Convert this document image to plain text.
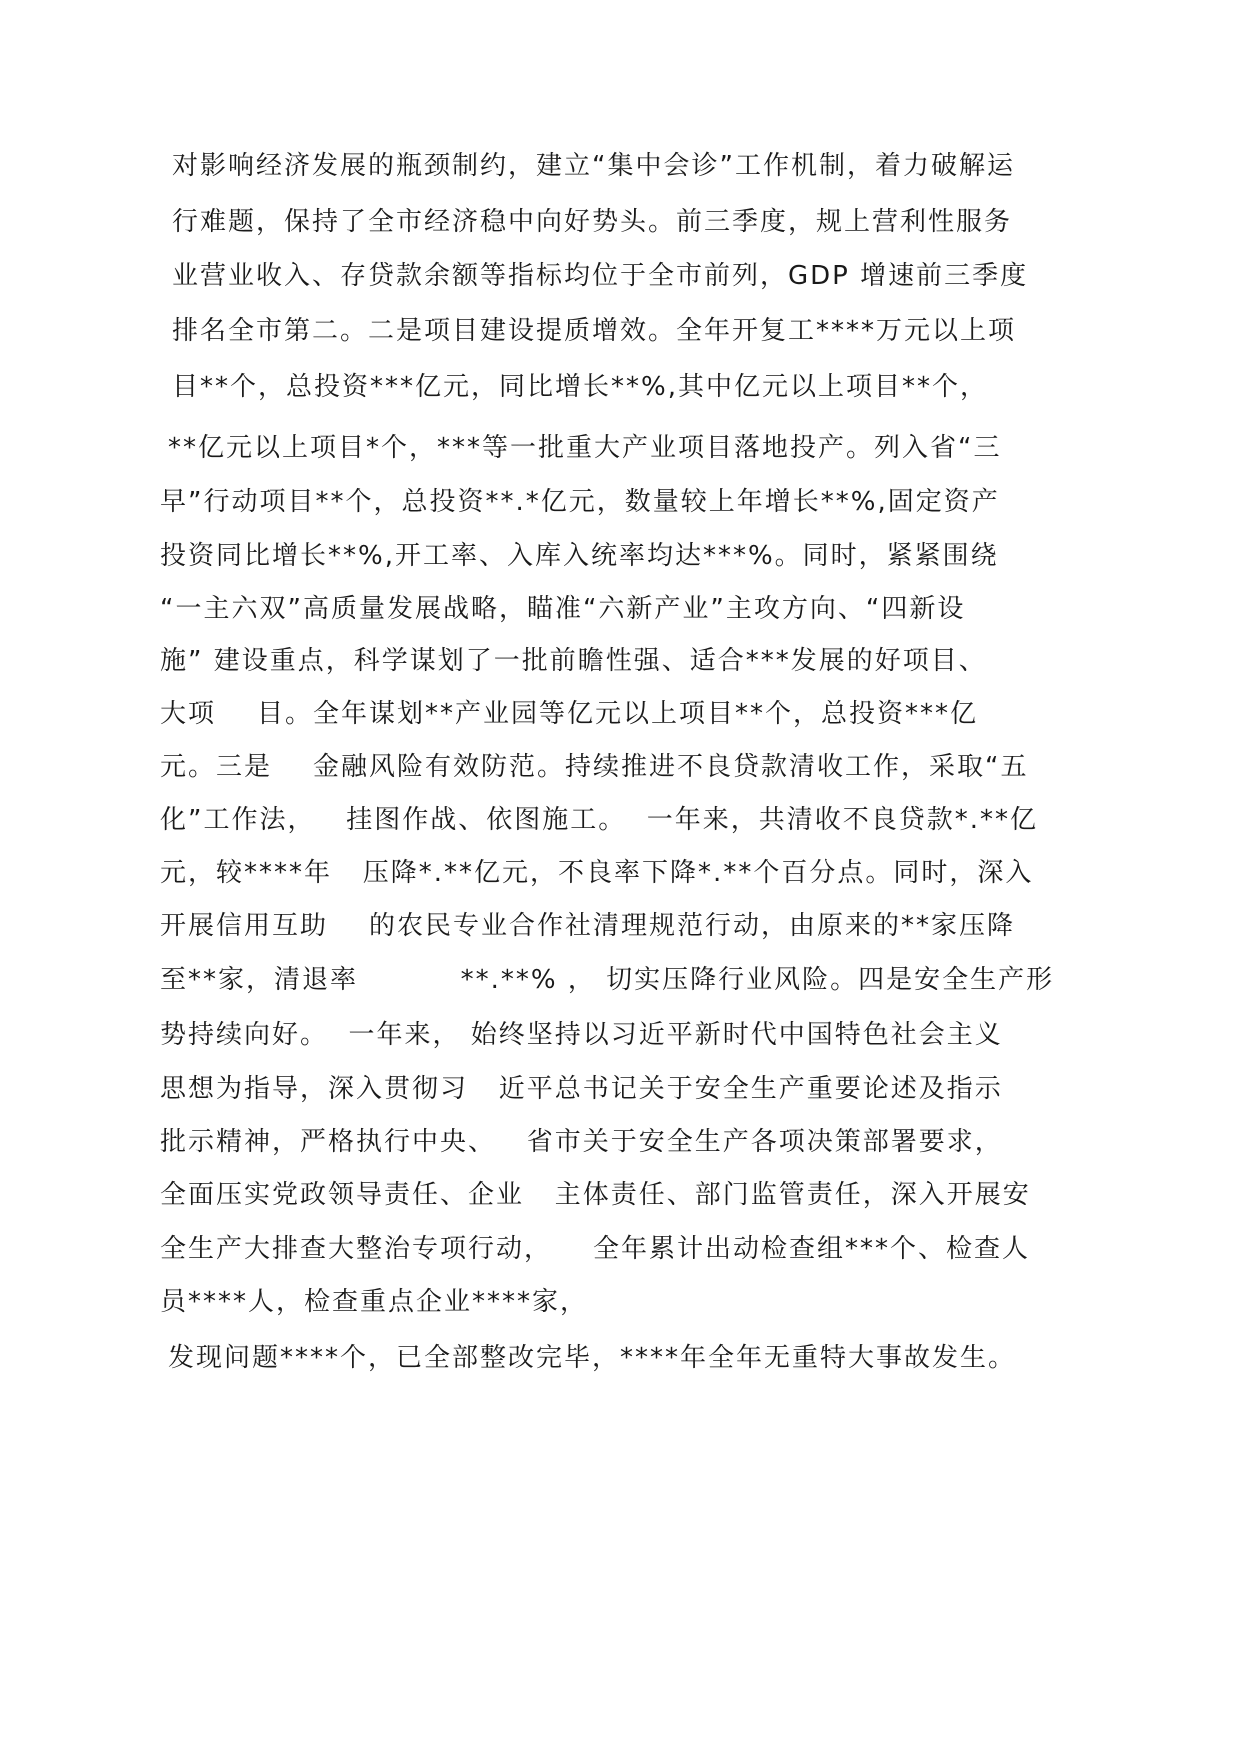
对影响经济发展的瓶颈制约，建立“集中会诊”工作机制，着力破解运
行难题，保持了全市经济稳中向好势头。前三季度，规上营利性服务
业营业收入、存贷款余额等指标均位于全市前列，GDP 增速前三季度
排名全市第二。二是项目建设提质增效。全年开复工****万元以上项
目**个，总投资***亿元，同比增长**%,其中亿元以上项目**个，
**亿元以上项目*个，***等一批重大产业项目落地投产。列入省“三
早”行动项目**个，总投资**.*亿元，数量较上年增长**%,固定资产
投资同比增长**%,开工率、入库入统率均达***%。同时，紧紧围绕
“一主六双”高质量发展战略，瞄准“六新产业”主攻方向、“四新设
施” 建设重点，科学谋划了一批前瞻性强、适合***发展的好项目、
大项    目。全年谋划**产业园等亿元以上项目**个，总投资***亿
元。三是    金融风险有效防范。持续推进不良贷款清收工作，采取“五
化”工作法，   挂图作战、依图施工。  一年来，共清收不良贷款*.**亿
元，较****年   压降*.**亿元，不良率下降*.**个百分点。同时，深入
开展信用互助    的农民专业合作社清理规范行动，由原来的**家压降
至**家，清退率          **.**% ， 切实压降行业风险。四是安全生产形
势持续向好。  一年来， 始终坚持以习近平新时代中国特色社会主义
思想为指导，深入贯彻习   近平总书记关于安全生产重要论述及指示
批示精神，严格执行中央、   省市关于安全生产各项决策部署要求，
全面压实党政领导责任、企业   主体责任、部门监管责任，深入开展安
全生产大排查大整治专项行动，    全年累计出动检查组***个、检查人
员****人，检查重点企业****家，
发现问题****个，已全部整改完毕，****年全年无重特大事故发生。
